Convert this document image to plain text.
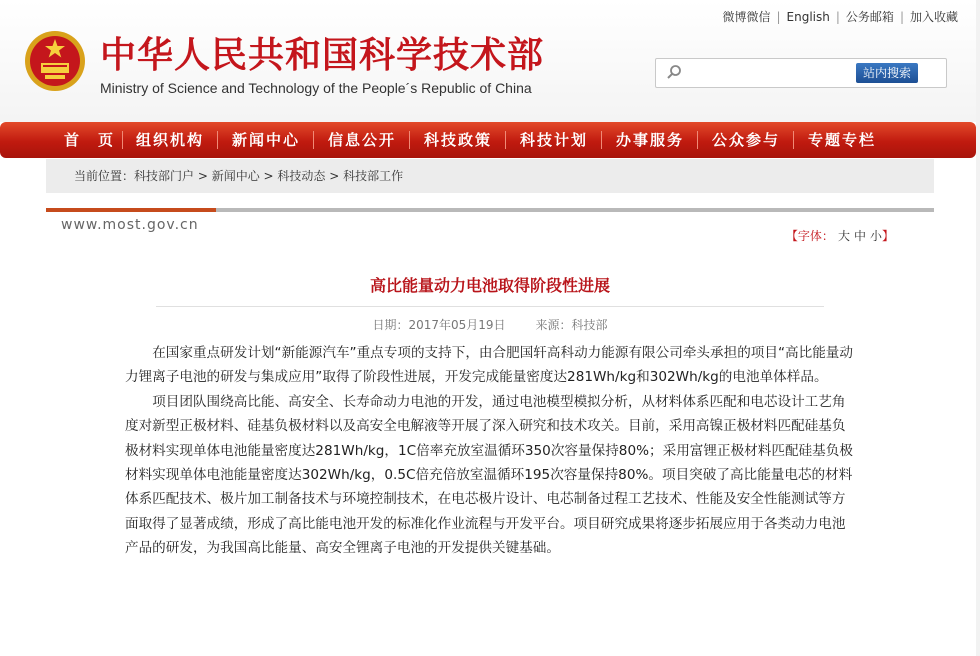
中华人民共和国科学技术部
Ministry of Science and Technology of the People´s Republic of China
微博微信 | English | 公务邮箱 | 加入收藏
站内搜索
首　页 组织机构 新闻中心 信息公开 科技政策 科技计划 办事服务 公众参与 专题专栏
当前位置：科技部门户 > 新闻中心 > 科技动态 > 科技部工作
www.most.gov.cn
【字体： 大 中 小】
高比能量动力电池取得阶段性进展
日期：2017年05月19日	来源：科技部

在国家重点研发计划“新能源汽车”重点专项的支持下，由合肥国轩高科动力能源有限公司牵头承担的项目“高比能量动力锂离子电池的研发与集成应用”取得了阶段性进展，开发完成能量密度达281Wh/kg和302Wh/kg的电池单体样品。

项目团队围绕高比能、高安全、长寿命动力电池的开发，通过电池模型模拟分析，从材料体系匹配和电芯设计工艺角度对新型正极材料、硅基负极材料以及高安全电解液等开展了深入研究和技术攻关。目前，采用高镍正极材料匹配硅基负极材料实现单体电池能量密度达281Wh/kg，1C倍率充放室温循环350次容量保持80%；采用富锂正极材料匹配硅基负极材料实现单体电池能量密度达302Wh/kg，0.5C倍充倍放室温循环195次容量保持80%。项目突破了高比能量电芯的材料体系匹配技术、极片加工制备技术与环境控制技术，在电芯极片设计、电芯制备过程工艺技术、性能及安全性能测试等方面取得了显著成绩，形成了高比能电池开发的标准化作业流程与开发平台。项目研究成果将逐步拓展应用于各类动力电池产品的研发，为我国高比能量、高安全锂离子电池的开发提供关键基础。
